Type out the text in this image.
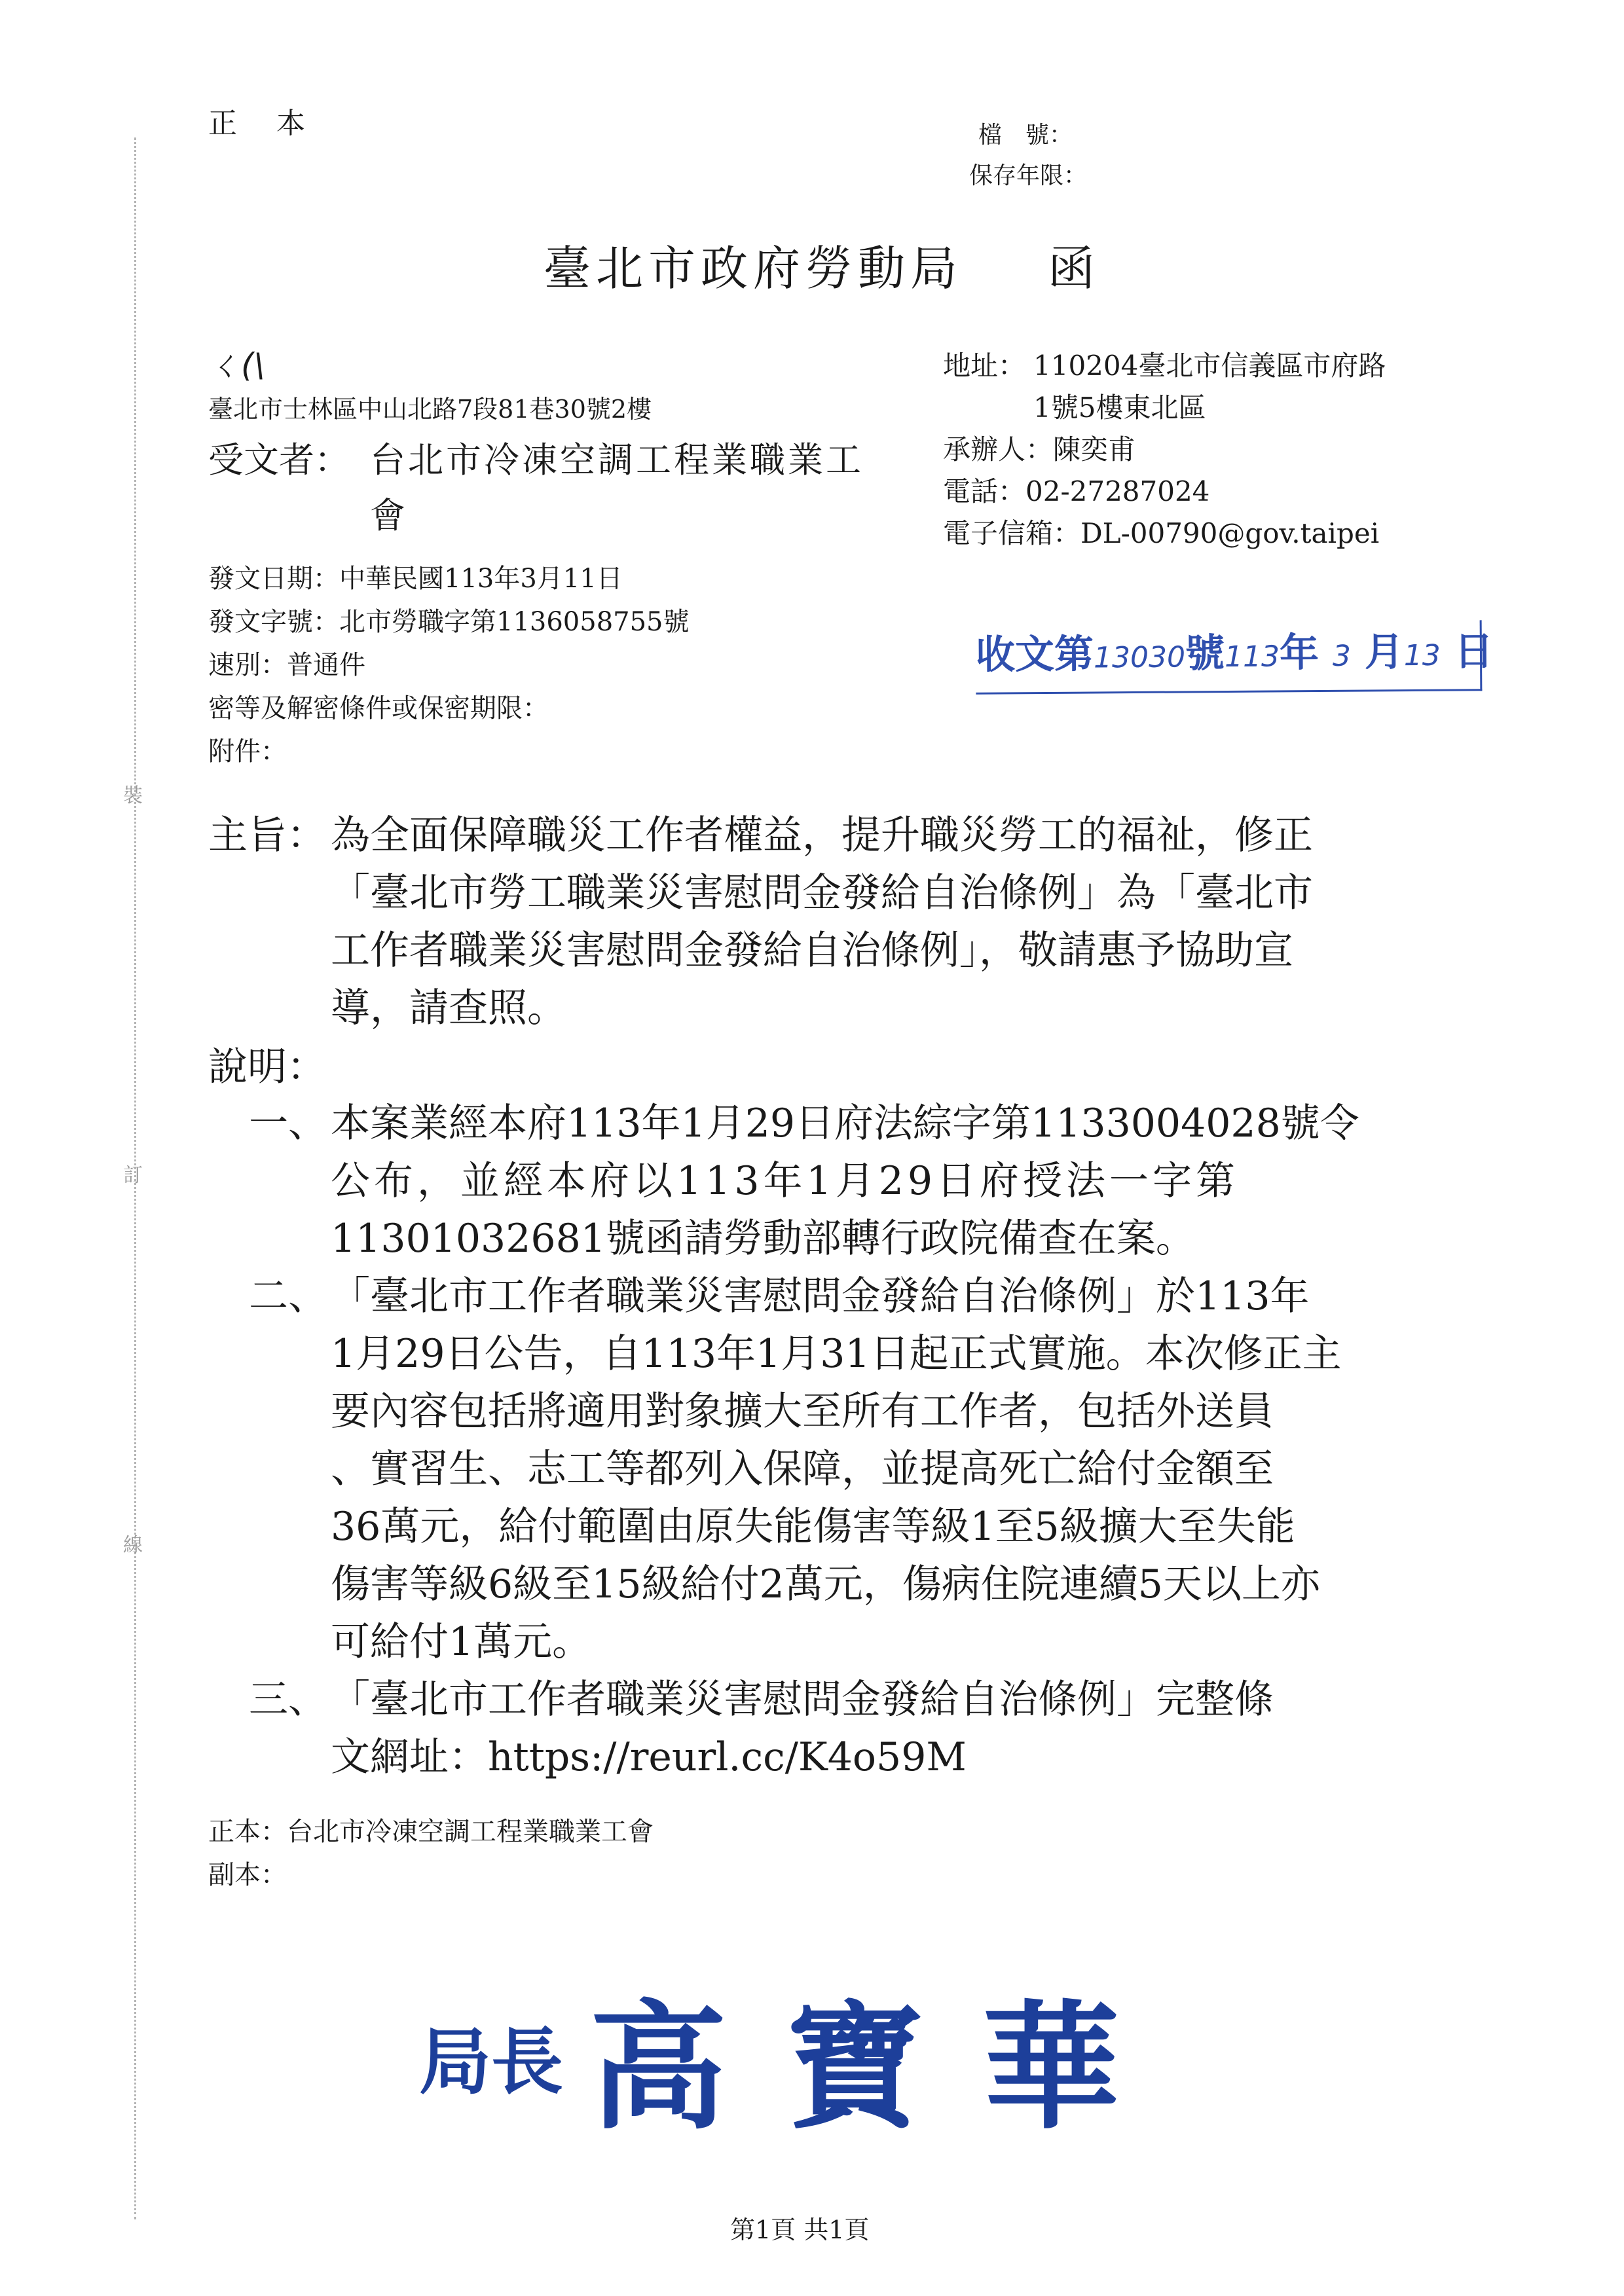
裝
訂
線
正本	檔　號：
保存年限：
臺北市政府勞動局 函
ㄑ(\
臺北市士林區中山北路7段81巷30號2樓
受文者： 台北市冷凍空調工程業職業工
會
地址： 110204臺北市信義區市府路
1號5樓東北區
承辦人：陳奕甫
電話：02-27287024
電子信箱：DL-00790@gov.taipei
發文日期：中華民國113年3月11日
發文字號：北市勞職字第1136058755號
速別：普通件
密等及解密條件或保密期限：
附件：
收文第13030號113年 3 月13 日
主旨： 為全面保障職災工作者權益，提升職災勞工的福祉，修正
「臺北市勞工職業災害慰問金發給自治條例」為「臺北市
工作者職業災害慰問金發給自治條例」，敬請惠予協助宣
導，請查照。
說明：
一、 本案業經本府113年1月29日府法綜字第1133004028號令
公布，並經本府以113年1月29日府授法一字第
11301032681號函請勞動部轉行政院備查在案。
二、 「臺北市工作者職業災害慰問金發給自治條例」於113年
1月29日公告，自113年1月31日起正式實施。本次修正主
要內容包括將適用對象擴大至所有工作者，包括外送員
、實習生、志工等都列入保障，並提高死亡給付金額至
36萬元，給付範圍由原失能傷害等級1至5級擴大至失能
傷害等級6級至15級給付2萬元，傷病住院連續5天以上亦
可給付1萬元。
三、 「臺北市工作者職業災害慰問金發給自治條例」完整條
文網址：https://reurl.cc/K4o59M
正本：台北市冷凍空調工程業職業工會
副本：
局長 高寶華
第1頁 共1頁
